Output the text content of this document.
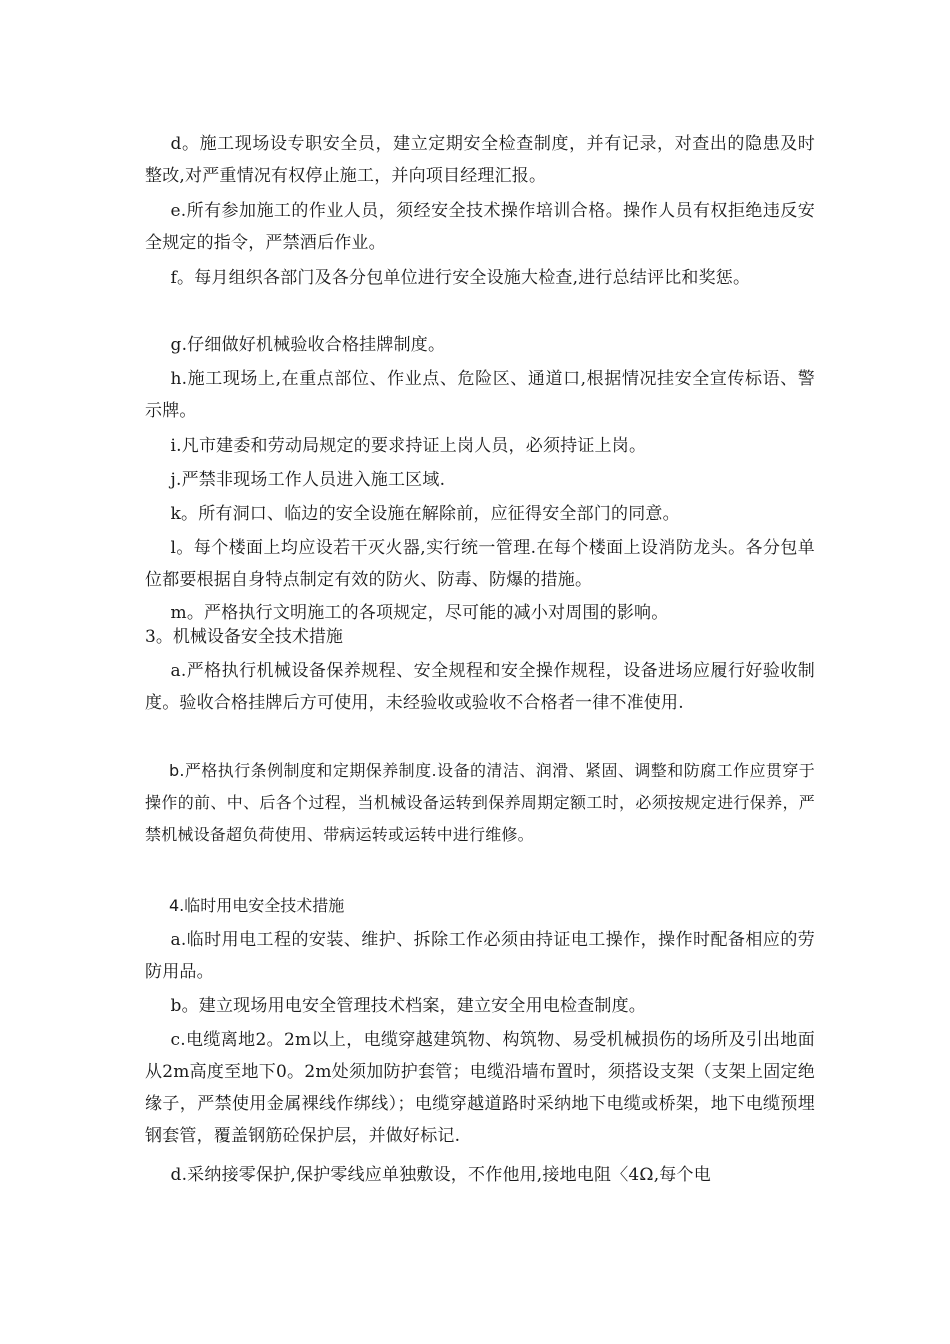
d。施工现场设专职安全员，建立定期安全检查制度，并有记录，对查出的隐患及时整改,对严重情况有权停止施工，并向项目经理汇报。

e.所有参加施工的作业人员，须经安全技术操作培训合格。操作人员有权拒绝违反安全规定的指令，严禁酒后作业。

f。每月组织各部门及各分包单位进行安全设施大检查,进行总结评比和奖惩。

g.仔细做好机械验收合格挂牌制度。

h.施工现场上,在重点部位、作业点、危险区、通道口,根据情况挂安全宣传标语、警示牌。

i.凡市建委和劳动局规定的要求持证上岗人员，必须持证上岗。

j.严禁非现场工作人员进入施工区域.

k。所有洞口、临边的安全设施在解除前，应征得安全部门的同意。

l。每个楼面上均应设若干灭火器,实行统一管理.在每个楼面上设消防龙头。各分包单位都要根据自身特点制定有效的防火、防毒、防爆的措施。

m。严格执行文明施工的各项规定，尽可能的减小对周围的影响。

3。机械设备安全技术措施

a.严格执行机械设备保养规程、安全规程和安全操作规程，设备进场应履行好验收制度。验收合格挂牌后方可使用，未经验收或验收不合格者一律不准使用.

b.严格执行条例制度和定期保养制度.设备的清洁、润滑、紧固、调整和防腐工作应贯穿于操作的前、中、后各个过程，当机械设备运转到保养周期定额工时，必须按规定进行保养，严禁机械设备超负荷使用、带病运转或运转中进行维修。

4.临时用电安全技术措施

a.临时用电工程的安装、维护、拆除工作必须由持证电工操作，操作时配备相应的劳防用品。

b。建立现场用电安全管理技术档案，建立安全用电检查制度。

c.电缆离地2。2m以上，电缆穿越建筑物、构筑物、易受机械损伤的场所及引出地面从2m高度至地下0。2m处须加防护套管；电缆沿墙布置时，须搭设支架（支架上固定绝缘子，严禁使用金属裸线作绑线）；电缆穿越道路时采纳地下电缆或桥架，地下电缆预埋钢套管，覆盖钢筋砼保护层，并做好标记.

d.采纳接零保护,保护零线应单独敷设，不作他用,接地电阻〈4Ω,每个电
